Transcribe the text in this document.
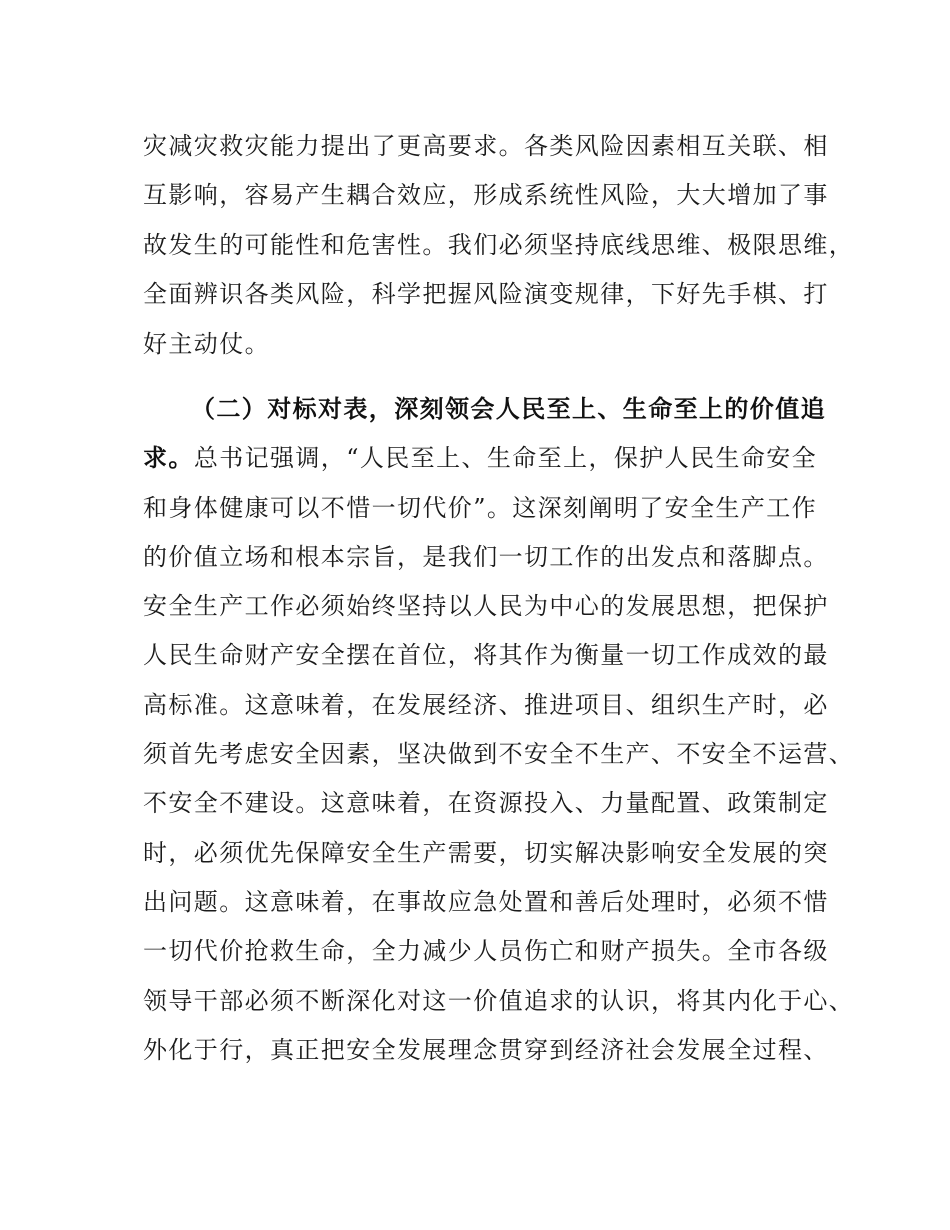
灾减灾救灾能力提出了更高要求。各类风险因素相互关联、相
互影响，容易产生耦合效应，形成系统性风险，大大增加了事
故发生的可能性和危害性。我们必须坚持底线思维、极限思维，
全面辨识各类风险，科学把握风险演变规律，下好先手棋、打
好主动仗。
（二）对标对表，深刻领会人民至上、生命至上的价值追
求。总书记强调，“人民至上、生命至上，保护人民生命安全
和身体健康可以不惜一切代价”。这深刻阐明了安全生产工作
的价值立场和根本宗旨，是我们一切工作的出发点和落脚点。
安全生产工作必须始终坚持以人民为中心的发展思想，把保护
人民生命财产安全摆在首位，将其作为衡量一切工作成效的最
高标准。这意味着，在发展经济、推进项目、组织生产时，必
须首先考虑安全因素，坚决做到不安全不生产、不安全不运营、
不安全不建设。这意味着，在资源投入、力量配置、政策制定
时，必须优先保障安全生产需要，切实解决影响安全发展的突
出问题。这意味着，在事故应急处置和善后处理时，必须不惜
一切代价抢救生命，全力减少人员伤亡和财产损失。全市各级
领导干部必须不断深化对这一价值追求的认识，将其内化于心、
外化于行，真正把安全发展理念贯穿到经济社会发展全过程、
